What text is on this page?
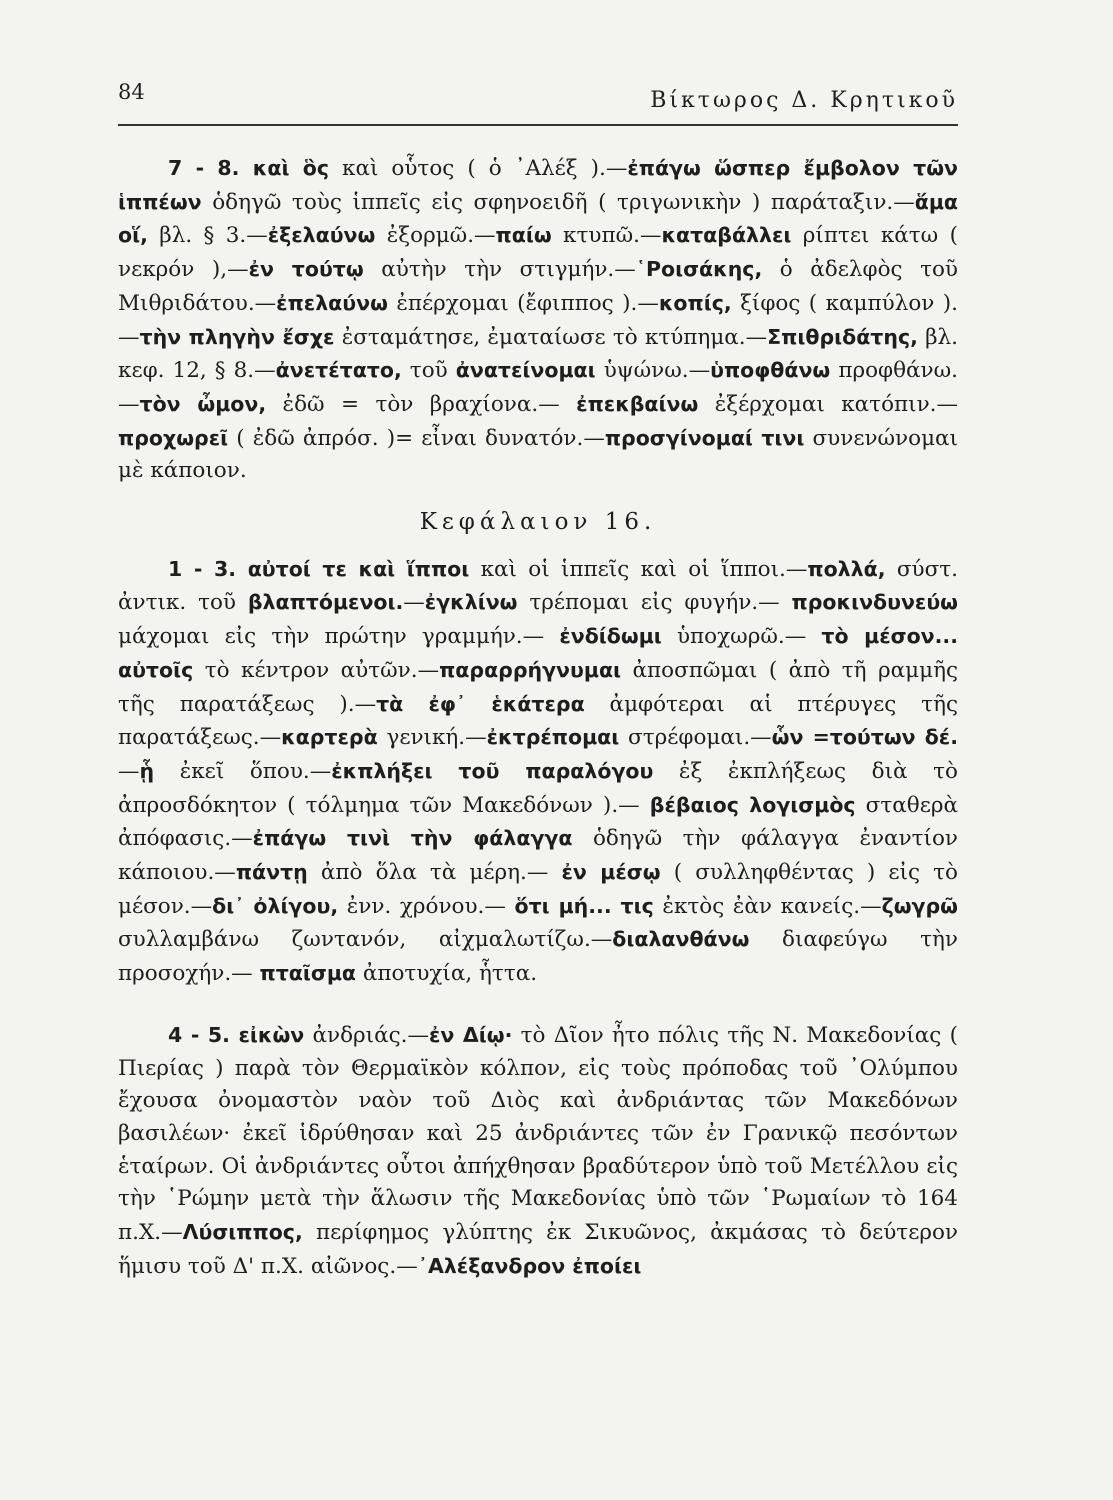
84	Βίκτωρος Δ. Κρητικοῦ

7 - 8. καὶ ὃς καὶ οὗτος ( ὁ ᾿Αλέξ ).—ἐπάγω ὥσπερ ἔμβολον τῶν ἱππέων ὁδηγῶ τοὺς ἱππεῖς εἰς σφηνοειδῆ ( τριγωνικὴν ) παράταξιν.—ἅμα οἵ, βλ. § 3.—ἐξελαύνω ἐξορμῶ.—παίω κτυπῶ.—καταβάλλει ρίπτει κάτω ( νεκρόν ),—ἐν τούτῳ αὐτὴν τὴν στιγμήν.—῾Ροισάκης, ὁ ἀδελφὸς τοῦ Μιθριδάτου.—ἐπελαύνω ἐπέρχομαι (ἔφιππος ).—κοπίς, ξίφος ( καμπύλον ).—τὴν πληγὴν ἔσχε ἐσταμάτησε, ἐματαίωσε τὸ κτύπημα.—Σπιθριδάτης, βλ. κεφ. 12, § 8.—ἀνετέτατο, τοῦ ἀνατείνομαι ὑψώνω.—ὑποφθάνω προφθάνω.—τὸν ὦμον, ἐδῶ = τὸν βραχίονα.— ἐπεκβαίνω ἐξέρχομαι κατόπιν.—προχωρεῖ ( ἐδῶ ἀπρόσ. )= εἶναι δυνατόν.—προσγίνομαί τινι συνενώνομαι μὲ κάποιον.

Κεφάλαιον 16.

1 - 3. αὐτοί τε καὶ ἵπποι καὶ οἱ ἱππεῖς καὶ οἱ ἵπποι.—πολλά, σύστ. ἀντικ. τοῦ βλαπτόμενοι.—ἐγκλίνω τρέπομαι εἰς φυγήν.— προκινδυνεύω μάχομαι εἰς τὴν πρώτην γραμμήν.— ἐνδίδωμι ὑποχωρῶ.— τὸ μέσον... αὐτοῖς τὸ κέντρον αὐτῶν.—παραρρήγνυμαι ἀποσπῶμαι ( ἀπὸ τῆ ραμμῆς τῆς παρατάξεως ).—τὰ ἐφ᾿ ἑκάτερα ἀμφότεραι αἱ πτέρυγες τῆς παρατάξεως.—καρτερὰ γενική.—ἐκτρέπομαι στρέφομαι.—ὧν =τούτων δέ.—ᾗ ἐκεῖ ὅπου.—ἐκπλήξει τοῦ παραλόγου ἐξ ἐκπλήξεως διὰ τὸ ἀπροσδόκητον ( τόλμημα τῶν Μακεδόνων ).— βέβαιος λογισμὸς σταθερὰ ἀπόφασις.—ἐπάγω τινὶ τὴν φάλαγγα ὁδηγῶ τὴν φάλαγγα ἐναντίον κάποιου.—πάντῃ ἀπὸ ὅλα τὰ μέρη.— ἐν μέσῳ ( συλληφθέντας ) εἰς τὸ μέσον.—δι᾿ ὀλίγου, ἐνν. χρόνου.— ὅτι μή... τις ἐκτὸς ἐὰν κανείς.—ζωγρῶ συλλαμβάνω ζωντανόν, αἰχμαλωτίζω.—διαλανθάνω διαφεύγω τὴν προσοχήν.— πταῖσμα ἀποτυχία, ἧττα.

4 - 5. εἰκὼν ἀνδριάς.—ἐν Δίῳ· τὸ Δῖον ἦτο πόλις τῆς Ν. Μακεδονίας ( Πιερίας ) παρὰ τὸν Θερμαϊκὸν κόλπον, εἰς τοὺς πρόποδας τοῦ ᾿Ολύμπου ἔχουσα ὀνομαστὸν ναὸν τοῦ Διὸς καὶ ἀνδριάντας τῶν Μακεδόνων βασιλέων· ἐκεῖ ἱδρύθησαν καὶ 25 ἀνδριάντες τῶν ἐν Γρανικῷ πεσόντων ἑταίρων. Οἱ ἀνδριάντες οὗτοι ἀπήχθησαν βραδύτερον ὑπὸ τοῦ Μετέλλου εἰς τὴν ῾Ρώμην μετὰ τὴν ἅλωσιν τῆς Μακεδονίας ὑπὸ τῶν ῾Ρωμαίων τὸ 164 π.Χ.—Λύσιππος, περίφημος γλύπτης ἐκ Σικυῶνος, ἀκμάσας τὸ δεύτερον ἥμισυ τοῦ Δ' π.Χ. αἰῶνος.—᾿Αλέξανδρον ἐποίει
